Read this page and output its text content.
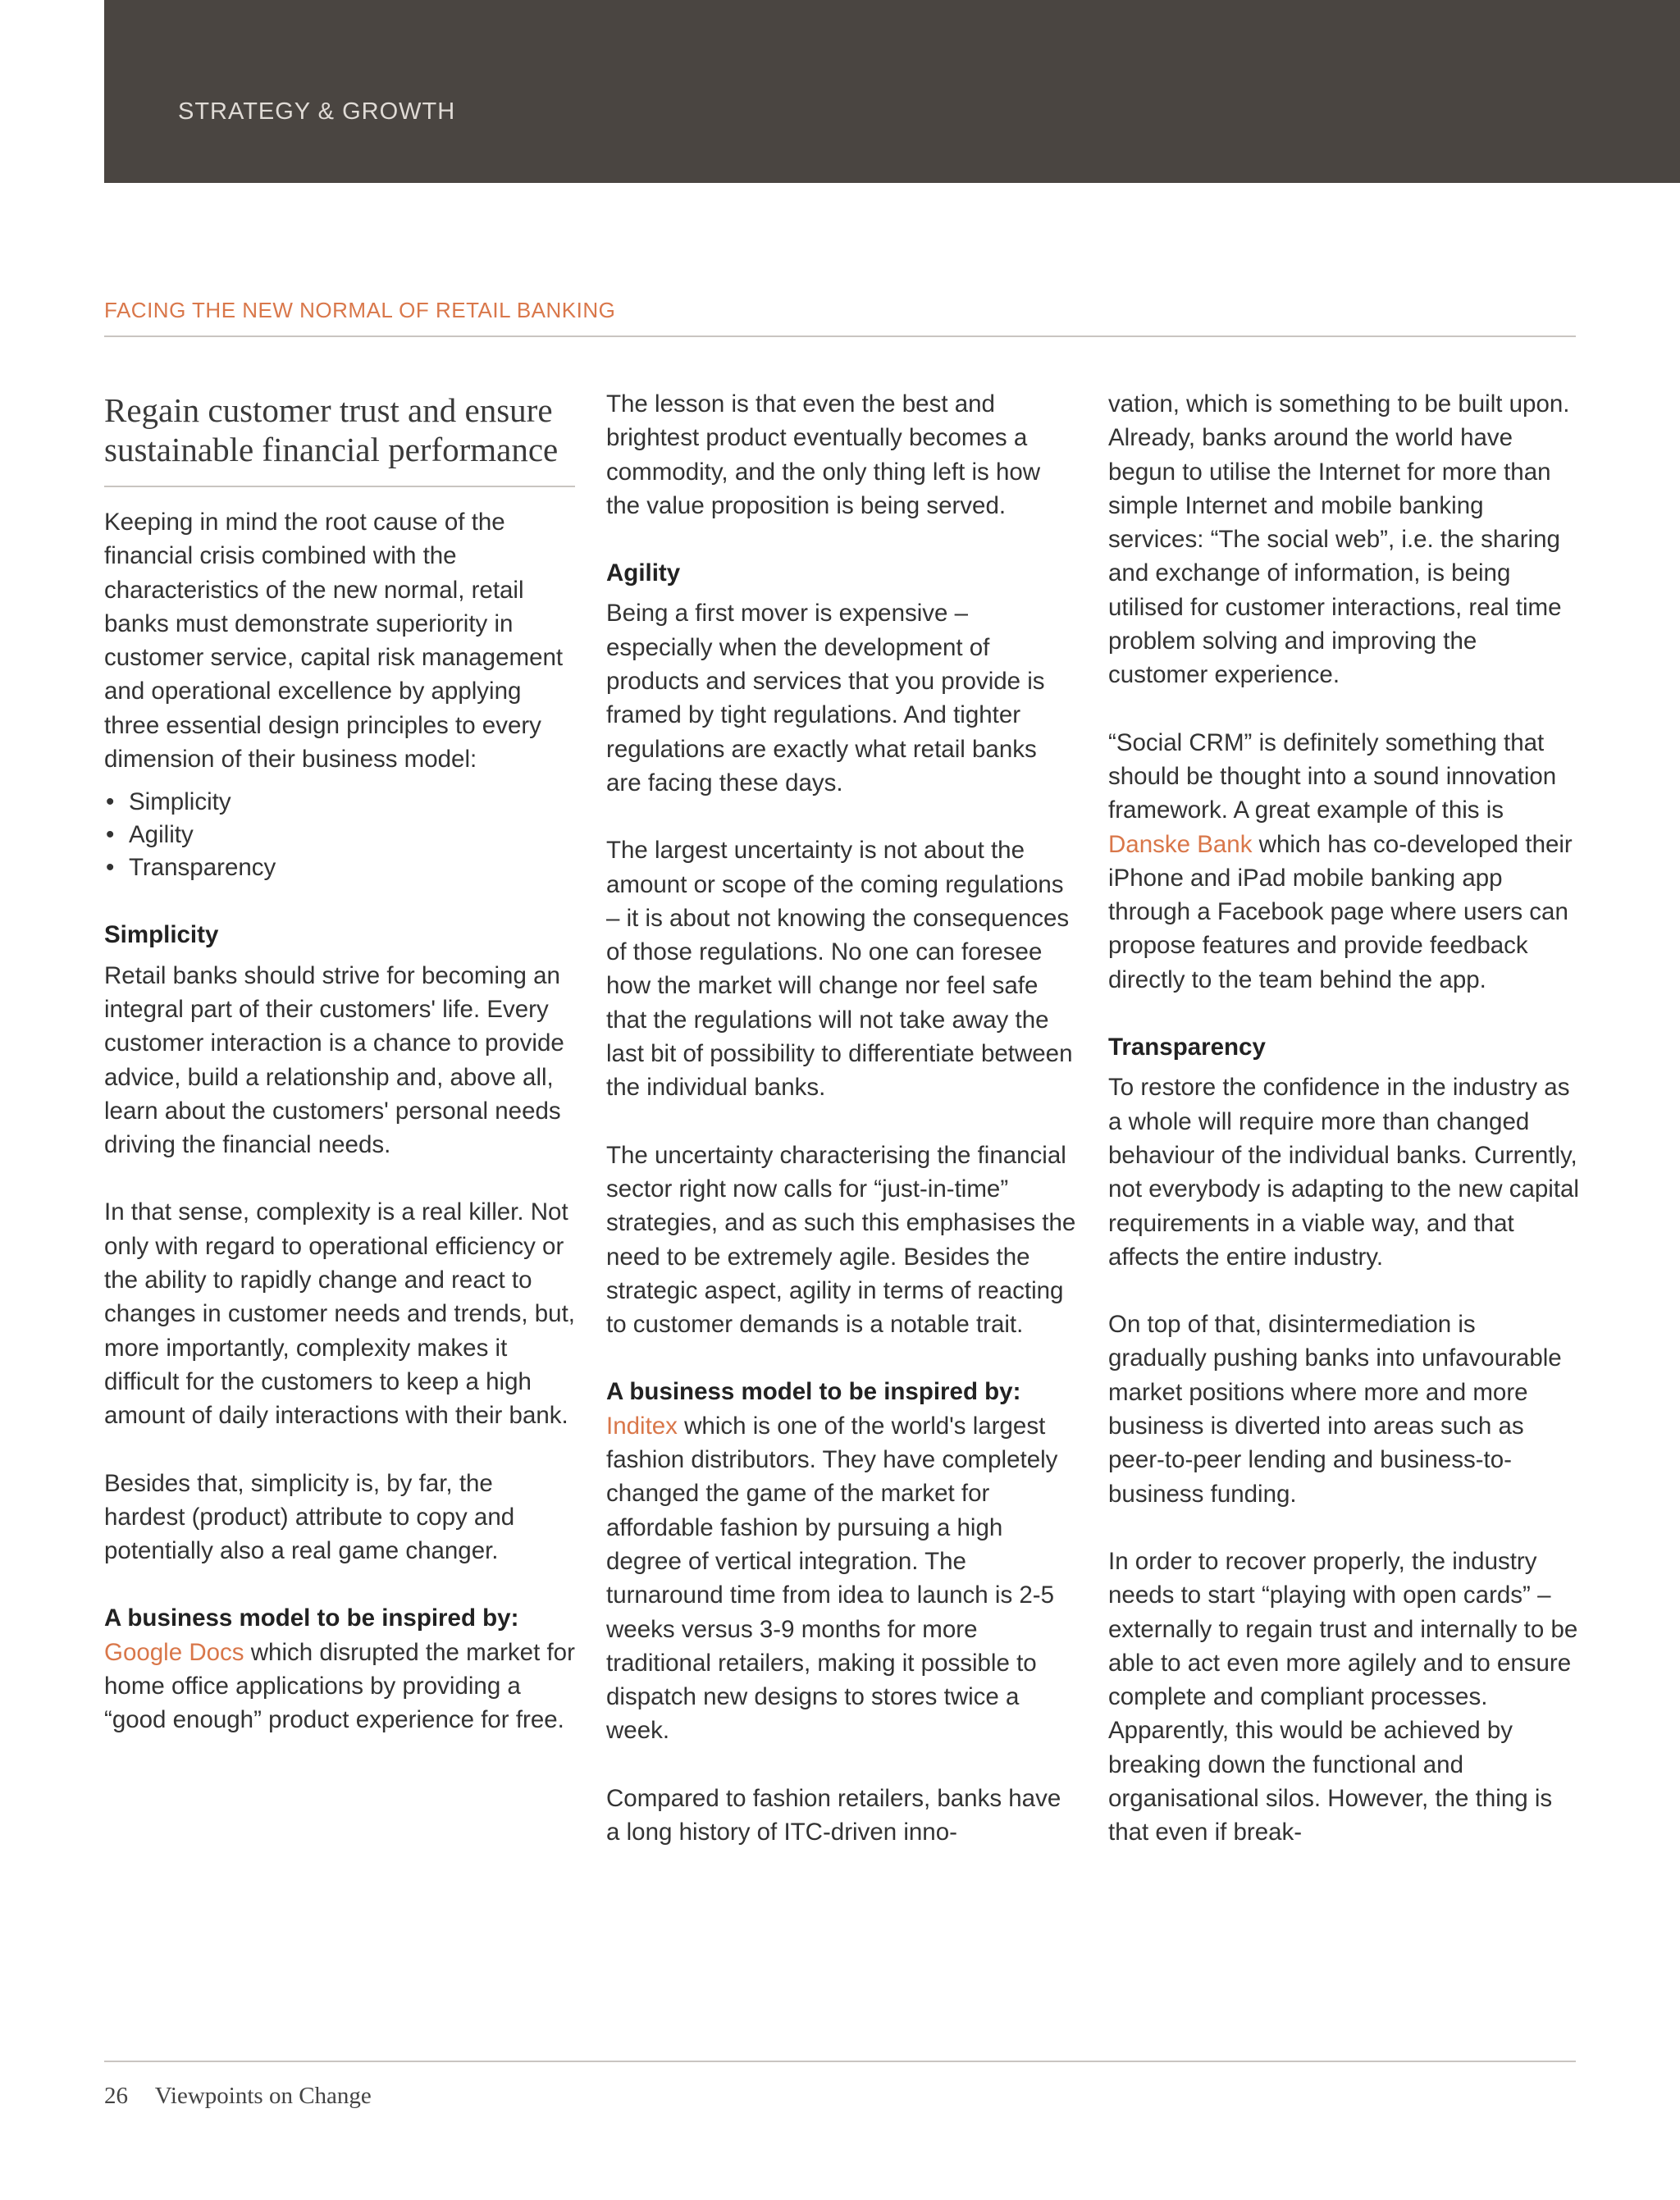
STRATEGY & GROWTH
FACING THE NEW NORMAL OF RETAIL BANKING
Regain customer trust and ensure sustainable financial performance

Keeping in mind the root cause of the financial crisis combined with the characteristics of the new normal, retail banks must demonstrate superiority in customer service, capital risk management and operational excellence by applying three essential design principles to every dimension of their business model:

• Simplicity
• Agility
• Transparency
Simplicity

Retail banks should strive for becoming an integral part of their customers' life. Every customer interaction is a chance to provide advice, build a relationship and, above all, learn about the customers' personal needs driving the financial needs.

In that sense, complexity is a real killer. Not only with regard to operational efficiency or the ability to rapidly change and react to changes in customer needs and trends, but, more importantly, complexity makes it difficult for the customers to keep a high amount of daily interactions with their bank.

Besides that, simplicity is, by far, the hardest (product) attribute to copy and potentially also a real game changer.

A business model to be inspired by:

Google Docs which disrupted the market for home office applications by providing a “good enough” product experience for free.

The lesson is that even the best and brightest product eventually becomes a commodity, and the only thing left is how the value proposition is being served.

Agility

Being a first mover is expensive – especially when the development of products and services that you provide is framed by tight regulations. And tighter regulations are exactly what retail banks are facing these days.

The largest uncertainty is not about the amount or scope of the coming regulations – it is about not knowing the consequences of those regulations. No one can foresee how the market will change nor feel safe that the regulations will not take away the last bit of possibility to differentiate between the individual banks.

The uncertainty characterising the financial sector right now calls for “just-in-time” strategies, and as such this emphasises the need to be extremely agile. Besides the strategic aspect, agility in terms of reacting to customer demands is a notable trait.

A business model to be inspired by:

Inditex which is one of the world's largest fashion distributors. They have completely changed the game of the market for affordable fashion by pursuing a high degree of vertical integration. The turnaround time from idea to launch is 2-5 weeks versus 3-9 months for more traditional retailers, making it possible to dispatch new designs to stores twice a week.

Compared to fashion retailers, banks have a long history of ITC-driven inno-

vation, which is something to be built upon. Already, banks around the world have begun to utilise the Internet for more than simple Internet and mobile banking services: “The social web”, i.e. the sharing and exchange of information, is being utilised for customer interactions, real time problem solving and improving the customer experience.

“Social CRM” is definitely something that should be thought into a sound innovation framework. A great example of this is Danske Bank which has co-developed their iPhone and iPad mobile banking app through a Facebook page where users can propose features and provide feedback directly to the team behind the app.

Transparency

To restore the confidence in the industry as a whole will require more than changed behaviour of the individual banks. Currently, not everybody is adapting to the new capital requirements in a viable way, and that affects the entire industry.

On top of that, disintermediation is gradually pushing banks into unfavourable market positions where more and more business is diverted into areas such as peer-to-peer lending and business-to-business funding.

In order to recover properly, the industry needs to start “playing with open cards” – externally to regain trust and internally to be able to act even more agilely and to ensure complete and compliant processes. Apparently, this would be achieved by breaking down the functional and organisational silos. However, the thing is that even if break-

26 Viewpoints on Change
